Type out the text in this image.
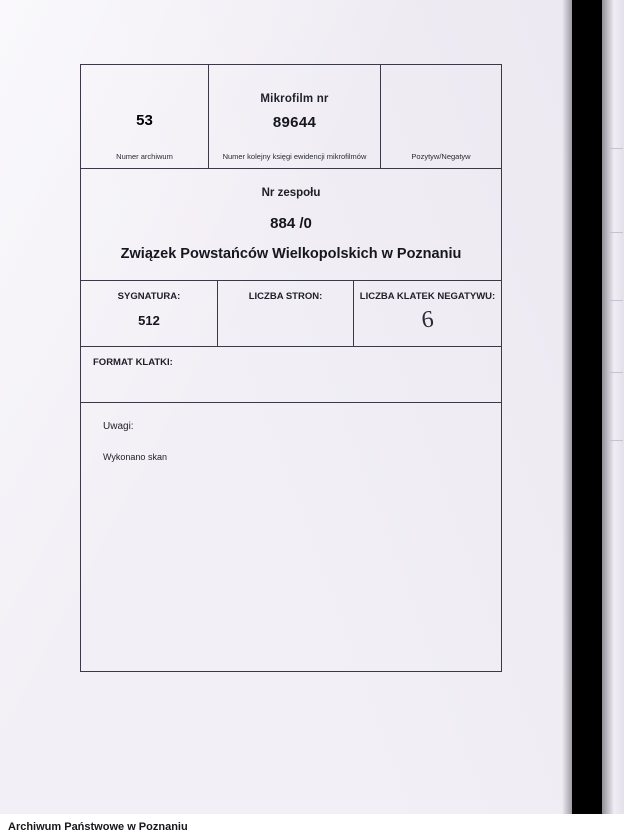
53
Numer archiwum
Mikrofilm nr
89644
Numer kolejny księgi ewidencji mikrofilmów	Pozytyw/Negatyw
Nr zespołu
884 /0
Związek Powstańców Wielkopolskich w Poznaniu
SYGNATURA:
512
LICZBA STRON:	LICZBA KLATEK NEGATYWU:
6
FORMAT KLATKI:
Uwagi:
Wykonano skan
Archiwum Państwowe w Poznaniu
